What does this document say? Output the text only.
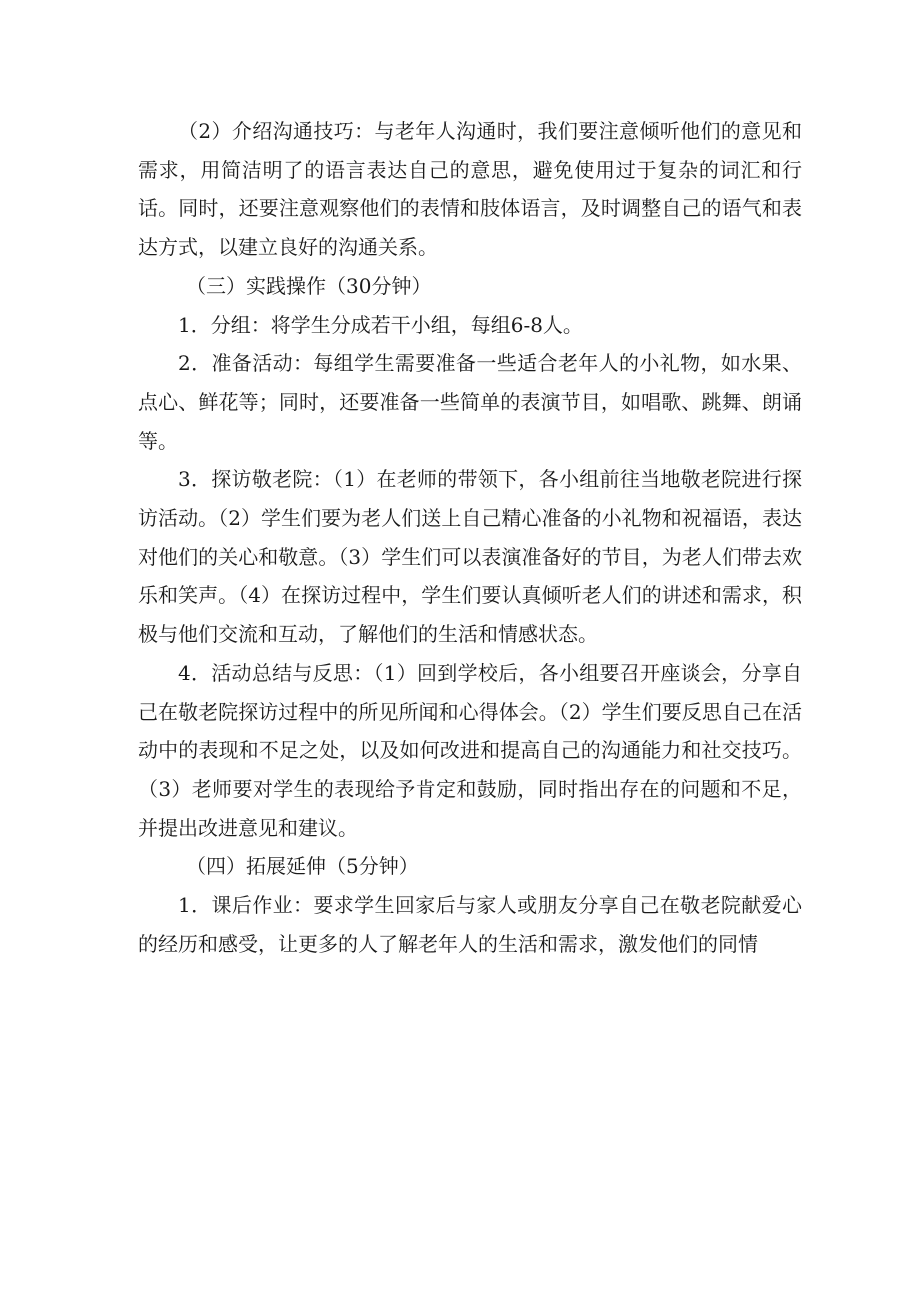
（2）介绍沟通技巧：与老年人沟通时，我们要注意倾听他们的意见和需求，用简洁明了的语言表达自己的意思，避免使用过于复杂的词汇和行话。同时，还要注意观察他们的表情和肢体语言，及时调整自己的语气和表达方式，以建立良好的沟通关系。

（三）实践操作（30分钟）

1．分组：将学生分成若干小组，每组6-8人。

2．准备活动：每组学生需要准备一些适合老年人的小礼物，如水果、点心、鲜花等；同时，还要准备一些简单的表演节目，如唱歌、跳舞、朗诵等。

3．探访敬老院：（1）在老师的带领下，各小组前往当地敬老院进行探访活动。（2）学生们要为老人们送上自己精心准备的小礼物和祝福语，表达对他们的关心和敬意。（3）学生们可以表演准备好的节目，为老人们带去欢乐和笑声。（4）在探访过程中，学生们要认真倾听老人们的讲述和需求，积极与他们交流和互动，了解他们的生活和情感状态。

4．活动总结与反思：（1）回到学校后，各小组要召开座谈会，分享自己在敬老院探访过程中的所见所闻和心得体会。（2）学生们要反思自己在活动中的表现和不足之处，以及如何改进和提高自己的沟通能力和社交技巧。（3）老师要对学生的表现给予肯定和鼓励，同时指出存在的问题和不足，并提出改进意见和建议。

（四）拓展延伸（5分钟）

1．课后作业：要求学生回家后与家人或朋友分享自己在敬老院献爱心的经历和感受，让更多的人了解老年人的生活和需求，激发他们的同情
